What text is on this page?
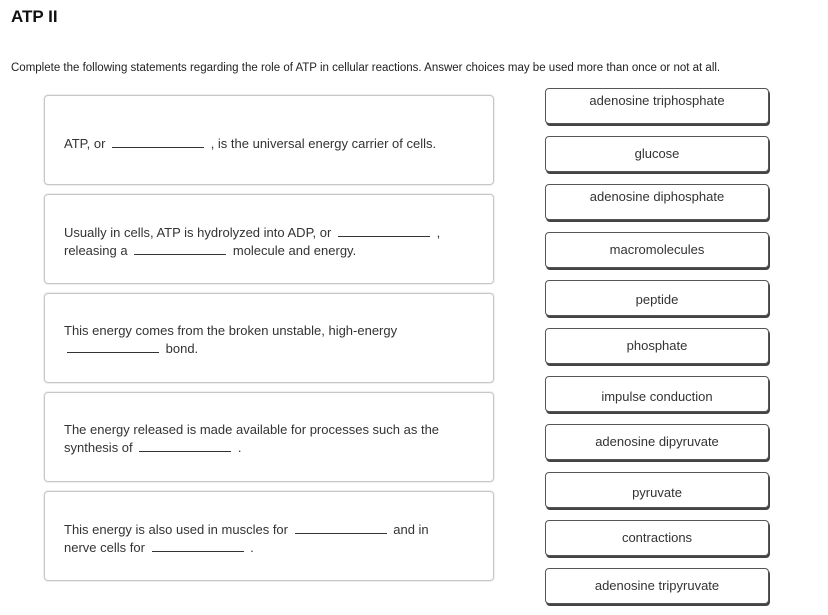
ATP II
Complete the following statements regarding the role of ATP in cellular reactions. Answer choices may be used more than once or not at all.
ATP, or	, is the universal energy carrier of cells.
Usually in cells, ATP is hydrolyzed into ADP, or	,
releasing a	molecule and energy.
This energy comes from the broken unstable, high-energy
bond.
The energy released is made available for processes such as the
synthesis of	.
This energy is also used in muscles for	and in
nerve cells for	.
adenosine triphosphate
glucose
adenosine diphosphate
macromolecules
peptide
phosphate
impulse conduction
adenosine dipyruvate
pyruvate
contractions
adenosine tripyruvate
